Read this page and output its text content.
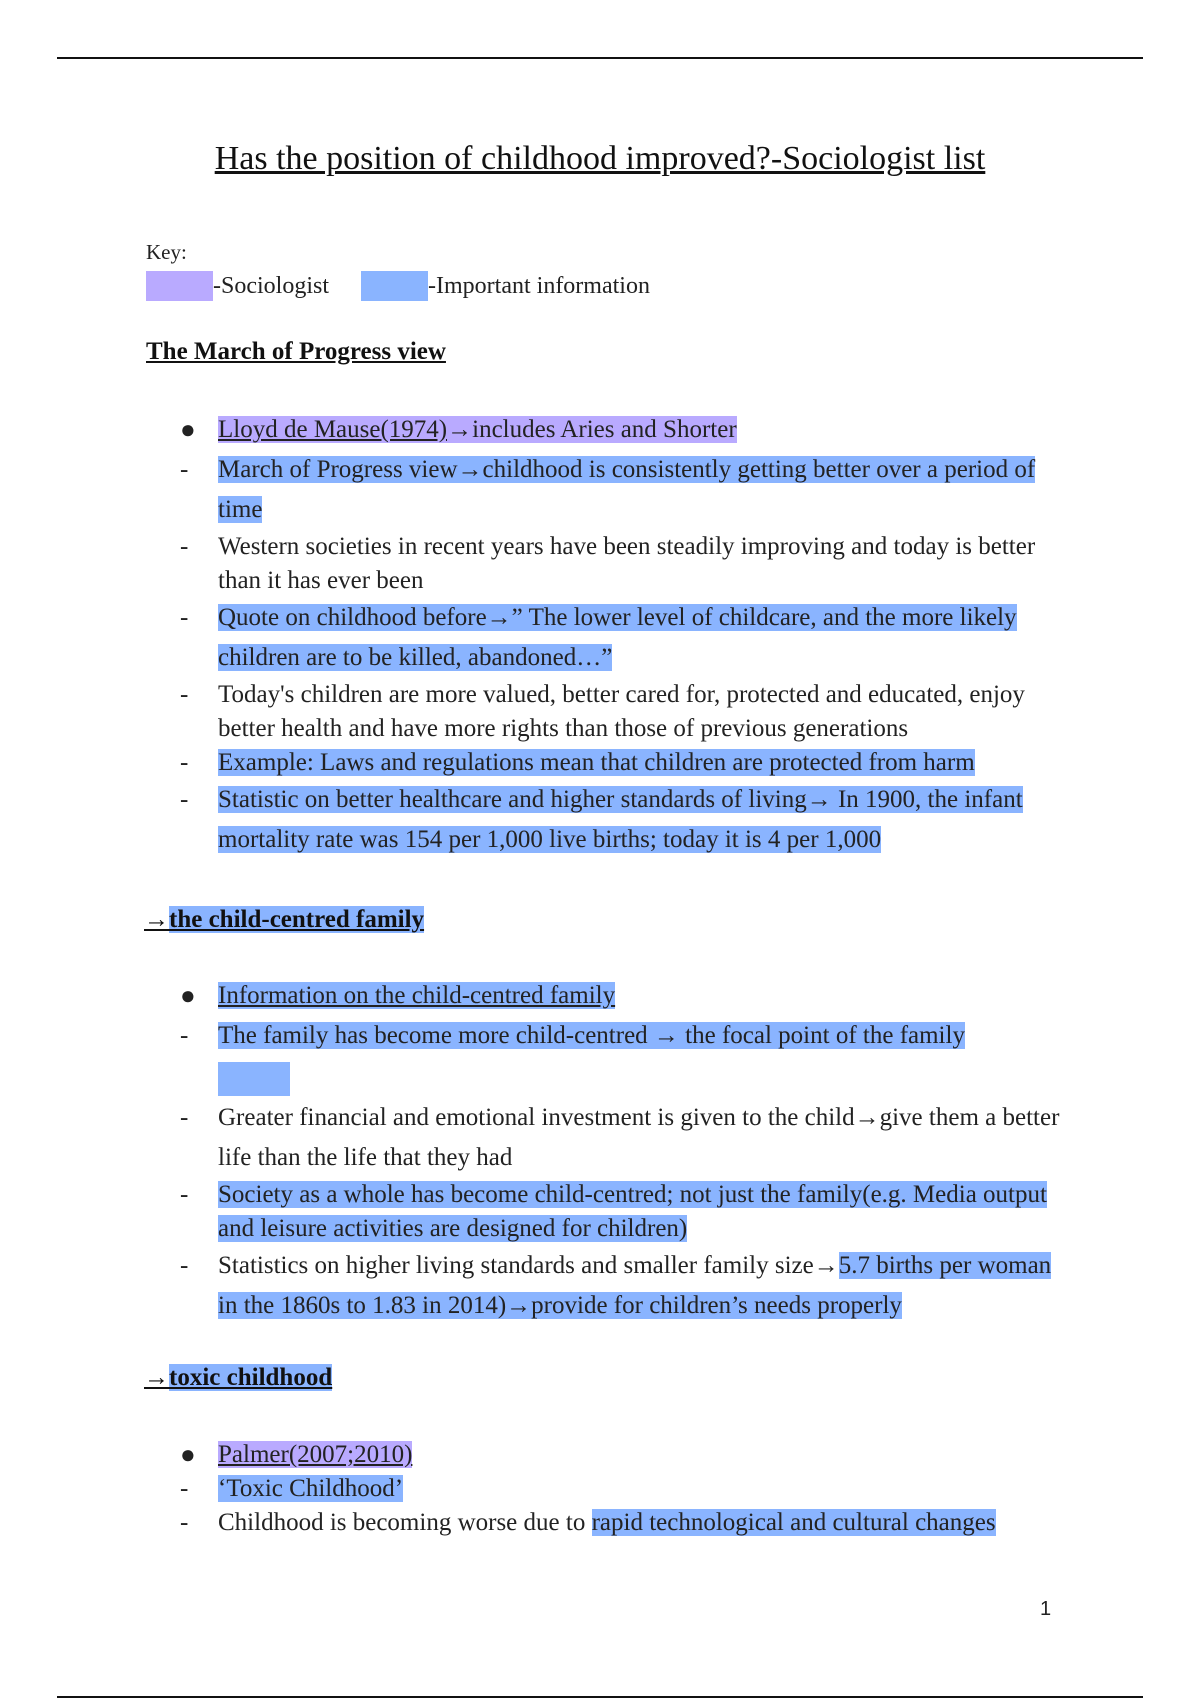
Has the position of childhood improved?-Sociologist list
Key:
-Sociologist	-Important information
The March of Progress view
● Lloyd de Mause(1974)→includes Aries and Shorter
-	March of Progress view→childhood is consistently getting better over a period of time
-	Western societies in recent years have been steadily improving and today is better than it has ever been
-	Quote on childhood before→” The lower level of childcare, and the more likely children are to be killed, abandoned…”
-	Today's children are more valued, better cared for, protected and educated, enjoy better health and have more rights than those of previous generations
-	Example: Laws and regulations mean that children are protected from harm
-	Statistic on better healthcare and higher standards of living→ In 1900, the infant mortality rate was 154 per 1,000 live births; today it is 4 per 1,000
→the child-centred family
● Information on the child-centred family
-	The family has become more child-centred → the focal point of the family
-	Greater financial and emotional investment is given to the child→give them a better life than the life that they had
-	Society as a whole has become child-centred; not just the family(e.g. Media output and leisure activities are designed for children)
-	Statistics on higher living standards and smaller family size→5.7 births per woman in the 1860s to 1.83 in 2014)→provide for children’s needs properly
→toxic childhood
● Palmer(2007;2010)
-	‘Toxic Childhood’
-	Childhood is becoming worse due to rapid technological and cultural changes
1
